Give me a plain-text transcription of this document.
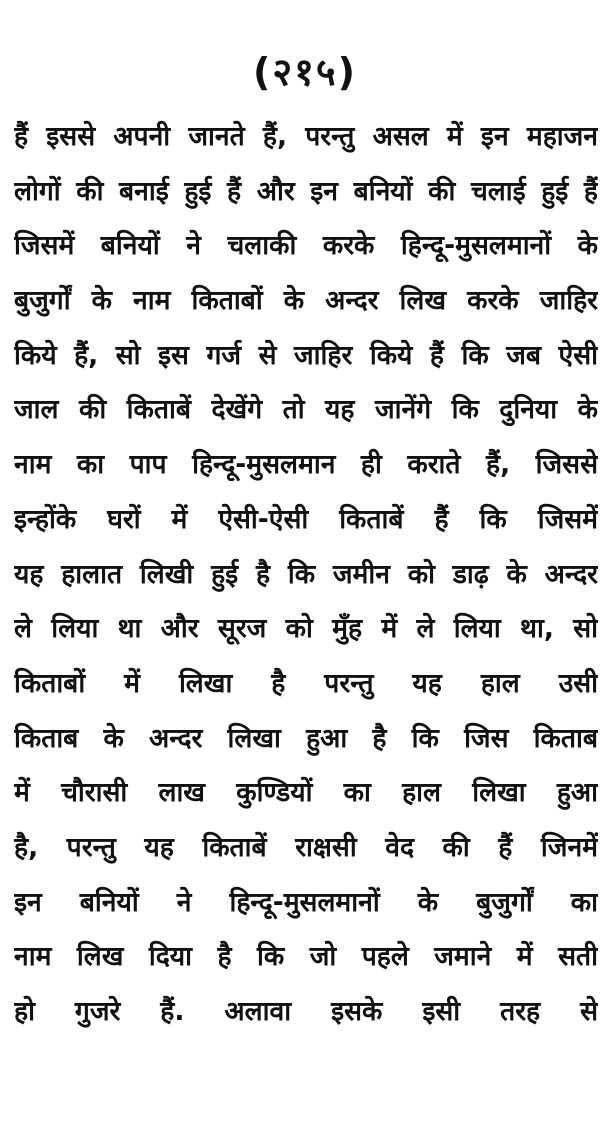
(२१५)
हैं इससे अपनी जानते हैं, परन्तु असल में इन महाजन
लोगों की बनाई हुई हैं और इन बनियों की चलाई हुई हैं
जिसमें बनियों ने चलाकी करके हिन्दू-मुसलमानों के
बुजुर्गों के नाम किताबों के अन्दर लिख करके जाहिर
किये हैं, सो इस गर्ज से जाहिर किये हैं कि जब ऐसी
जाल की किताबें देखेंगे तो यह जानेंगे कि दुनिया के
नाम का पाप हिन्दू-मुसलमान ही कराते हैं, जिससे
इन्होंके घरों में ऐसी-ऐसी किताबें हैं कि जिसमें
यह हालात लिखी हुई है कि जमीन को डाढ़ के अन्दर
ले लिया था और सूरज को मुँह में ले लिया था, सो
किताबों में लिखा है परन्तु यह हाल उसी
किताब के अन्दर लिखा हुआ है कि जिस किताब
में चौरासी लाख कुण्डियों का हाल लिखा हुआ
है, परन्तु यह किताबें राक्षसी वेद की हैं जिनमें
इन बनियों ने हिन्दू-मुसलमानों के बुजुर्गों का
नाम लिख दिया है कि जो पहले जमाने में सती
हो गुजरे हैं. अलावा इसके इसी तरह से
